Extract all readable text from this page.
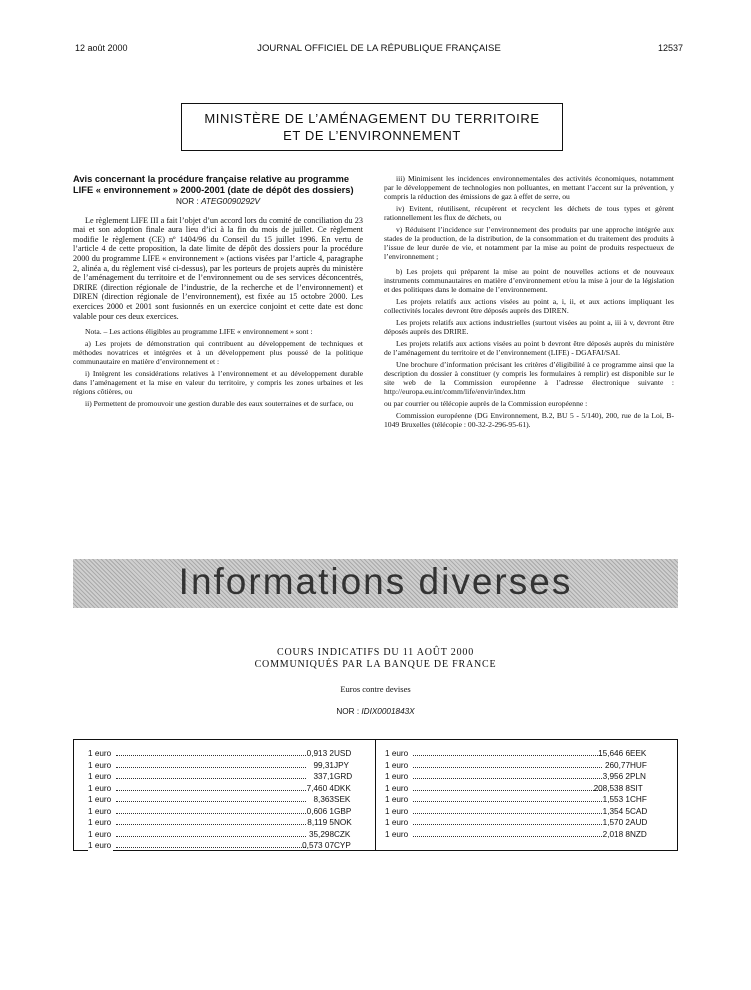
12 août 2000	JOURNAL OFFICIEL DE LA RÉPUBLIQUE FRANÇAISE	12537
MINISTÈRE DE L’AMÉNAGEMENT DU TERRITOIRE
ET DE L’ENVIRONNEMENT
Avis concernant la procédure française relative au programme LIFE « environnement » 2000-2001 (date de dépôt des dossiers)
NOR : ATEG0090292V

Le règlement LIFE III a fait l’objet d’un accord lors du comité de conciliation du 23 mai et son adoption finale aura lieu d’ici à la fin du mois de juillet. Ce règlement modifie le règlement (CE) nº 1404/96 du Conseil du 15 juillet 1996. En vertu de l’article 4 de cette proposition, la date limite de dépôt des dossiers pour la procédure 2000 du programme LIFE « environnement » (actions visées par l’article 4, paragraphe 2, alinéa a, du règlement visé ci-dessus), par les porteurs de projets auprès du ministère de l’aménagement du territoire et de l’environnement ou de ses services déconcentrés, DRIRE (direction régionale de l’industrie, de la recherche et de l’environnement) et DIREN (direction régionale de l’environnement), est fixée au 15 octobre 2000. Les exercices 2000 et 2001 sont fusionnés en un exercice conjoint et cette date est donc valable pour ces deux exercices.

Nota. – Les actions éligibles au programme LIFE « environnement » sont :

a) Les projets de démonstration qui contribuent au développement de techniques et méthodes novatrices et intégrées et à un développement plus poussé de la politique communautaire en matière d’environnement et :

i) Intègrent les considérations relatives à l’environnement et au développement durable dans l’aménagement et la mise en valeur du territoire, y compris les zones urbaines et les régions côtières, ou

ii) Permettent de promouvoir une gestion durable des eaux souterraines et de surface, ou

iii) Minimisent les incidences environnementales des activités économiques, notamment par le développement de technologies non polluantes, en mettant l’accent sur la prévention, y compris la réduction des émissions de gaz à effet de serre, ou

iv) Evitent, réutilisent, récupèrent et recyclent les déchets de tous types et gèrent rationnellement les flux de déchets, ou

v) Réduisent l’incidence sur l’environnement des produits par une approche intégrée aux stades de la production, de la distribution, de la consommation et du traitement des produits à l’issue de leur durée de vie, et notamment par la mise au point de produits respectueux de l’environnement ;

b) Les projets qui préparent la mise au point de nouvelles actions et de nouveaux instruments communautaires en matière d’environnement et/ou la mise à jour de la législation et des politiques dans le domaine de l’environnement.

Les projets relatifs aux actions visées au point a, i, ii, et aux actions impliquant les collectivités locales devront être déposés auprès des DIREN.

Les projets relatifs aux actions industrielles (surtout visées au point a, iii à v, devront être déposés auprès des DRIRE.

Les projets relatifs aux actions visées au point b devront être déposés auprès du ministère de l’aménagement du territoire et de l’environnement (LIFE) - DGAFAI/SAI.

Une brochure d’information précisant les critères d’éligibilité à ce programme ainsi que la description du dossier à constituer (y compris les formulaires à remplir) est disponible sur le site web de la Commission européenne à l’adresse électronique suivante : http://europa.eu.int/comm/life/envir/index.htm

ou par courrier ou télécopie auprès de la Commission européenne :

Commission européenne (DG Environnement, B.2, BU 5 - 5/140), 200, rue de la Loi, B-1049 Bruxelles (télécopie : 00-32-2-296-95-61).

Informations diverses
COURS INDICATIFS DU 11 AOÛT 2000
COMMUNIQUÉS PAR LA BANQUE DE FRANCE
Euros contre devises
NOR : IDIX0001843X
1 euro	0,913 2 USD
1 euro	99,31 JPY
1 euro	337,1 GRD
1 euro	7,460 4 DKK
1 euro	8,363 SEK
1 euro	0,606 1 GBP
1 euro	8,119 5 NOK
1 euro	35,298 CZK
1 euro	0,573 07 CYP
1 euro	15,646 6 EEK
1 euro	260,77 HUF
1 euro	3,956 2 PLN
1 euro	208,538 8 SIT
1 euro	1,553 1 CHF
1 euro	1,354 5 CAD
1 euro	1,570 2 AUD
1 euro	2,018 8 NZD
